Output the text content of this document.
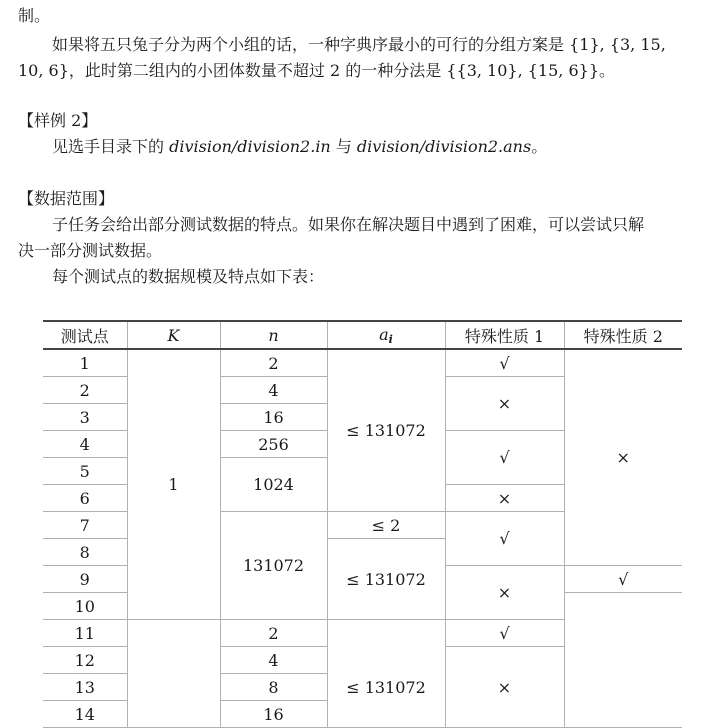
制。
如果将五只兔子分为两个小组的话，一种字典序最小的可行的分组方案是 {1}, {3, 15,
10, 6}，此时第二组内的小团体数量不超过 2 的一种分法是 {{3, 10}, {15, 6}}。
【样例 2】
见选手目录下的 division/division2.in 与 division/division2.ans。
【数据范围】
子任务会给出部分测试数据的特点。如果你在解决题目中遇到了困难，可以尝试只解
决一部分测试数据。
每个测试点的数据规模及特点如下表：
测试点	K	n	$a_i$	特殊性质 1	特殊性质 2
1	1	2	≤ 131072	√	×
2		4		×	
3		16			
4		256		√	
5		1024			
6				×	
7		131072	≤ 2	√	
8			≤ 131072		
9				×	√
10					
11		2	≤ 131072	√	
12		4		×	
13		8			
14		16			
